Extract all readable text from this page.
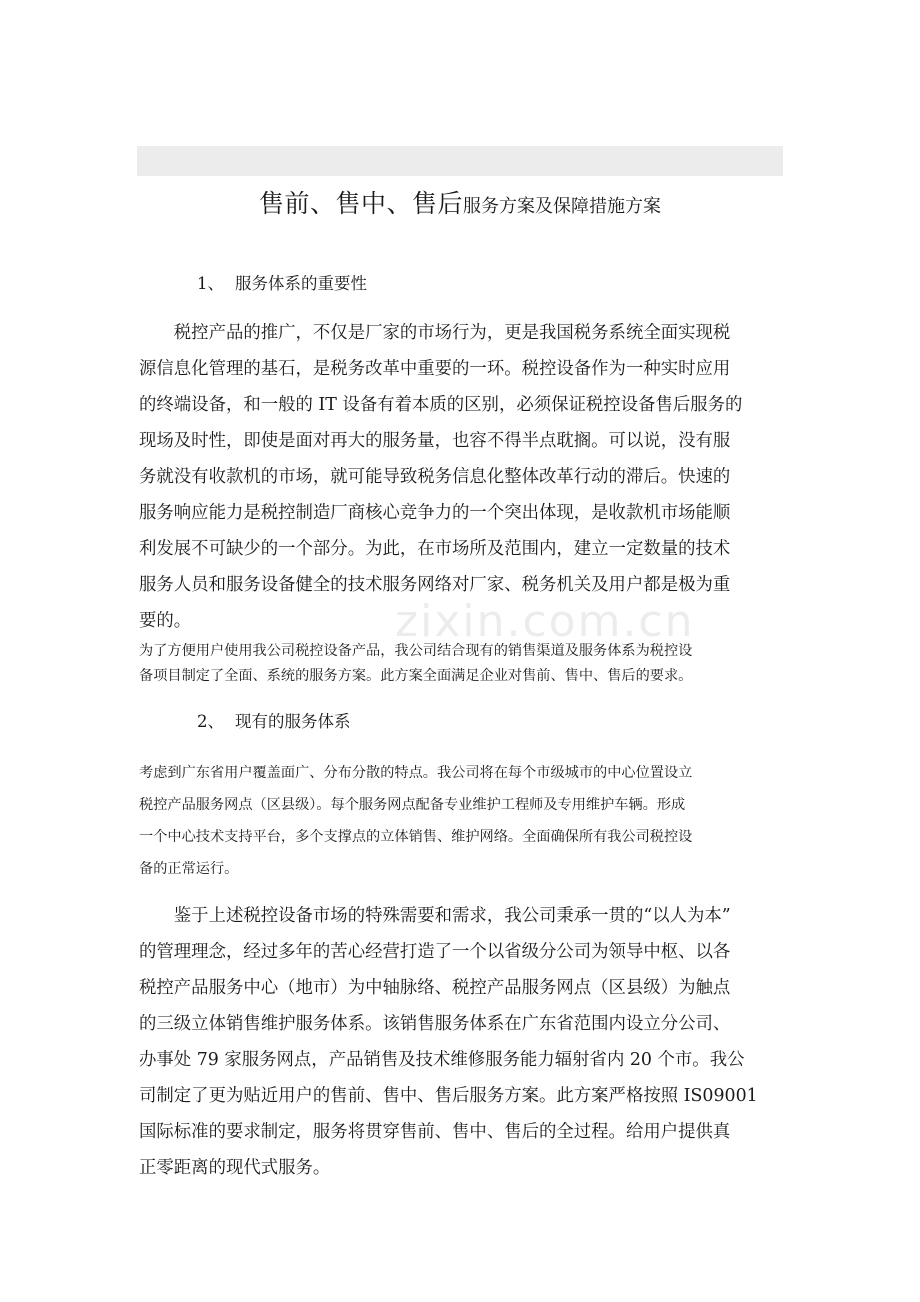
售前、售中、售后服务方案及保障措施方案
1、 服务体系的重要性
　　税控产品的推广，不仅是厂家的市场行为，更是我国税务系统全面实现税
源信息化管理的基石，是税务改革中重要的一环。税控设备作为一种实时应用
的终端设备，和一般的 IT 设备有着本质的区别，必须保证税控设备售后服务的
现场及时性，即使是面对再大的服务量，也容不得半点耽搁。可以说，没有服
务就没有收款机的市场，就可能导致税务信息化整体改革行动的滞后。快速的
服务响应能力是税控制造厂商核心竞争力的一个突出体现，是收款机市场能顺
利发展不可缺少的一个部分。为此，在市场所及范围内，建立一定数量的技术
服务人员和服务设备健全的技术服务网络对厂家、税务机关及用户都是极为重
要的。	zixin.com.cn
为了方便用户使用我公司税控设备产品，我公司结合现有的销售渠道及服务体系为税控设
备项目制定了全面、系统的服务方案。此方案全面满足企业对售前、售中、售后的要求。
2、 现有的服务体系
考虑到广东省用户覆盖面广、分布分散的特点。我公司将在每个市级城市的中心位置设立
税控产品服务网点（区县级）。每个服务网点配备专业维护工程师及专用维护车辆。形成
一个中心技术支持平台，多个支撑点的立体销售、维护网络。全面确保所有我公司税控设
备的正常运行。
　　鉴于上述税控设备市场的特殊需要和需求，我公司秉承一贯的“以人为本”
的管理理念，经过多年的苦心经营打造了一个以省级分公司为领导中枢、以各
税控产品服务中心（地市）为中轴脉络、税控产品服务网点（区县级）为触点
的三级立体销售维护服务体系。该销售服务体系在广东省范围内设立分公司、
办事处 79 家服务网点，产品销售及技术维修服务能力辐射省内 20 个市。我公
司制定了更为贴近用户的售前、售中、售后服务方案。此方案严格按照 IS09001
国际标准的要求制定，服务将贯穿售前、售中、售后的全过程。给用户提供真
正零距离的现代式服务。
